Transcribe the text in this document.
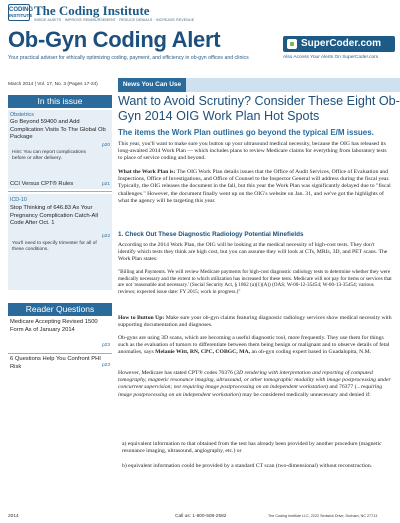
CODING
INSTITUTE The Coding Institute
INSIDE AUDITS · IMPROVE REIMBURSEMENT · REDUCE DENIALS · INCREASE REVENUE
Ob-Gyn Coding Alert
Your practical adviser for ethically optimizing coding, payment, and efficiency in ob-gyn offices and clinics
SuperCoder.com
Also Access Your Alerts On SuperCoder.com
March 2014 | Vol. 17, No. 3 (Pages 17-24)	News You Can Use
In this issue
Obstetrics
Go Beyond 59400 and Add Complication Visits To The Global Ob Package
p20
Hint: You can report complications before or after delivery.
CCI Versus CPT® Rules	p21
ICD-10
Stop Thinking of 646.83 As Your Pregnancy Complication Catch-All Code After Oct. 1
p22
You'll need to specify trimester for all of these conditions.
Reader Questions
Medicare Accepting Revised 1500 Form As of January 2014
p23
6 Questions Help You Confront PHI Risk	p23
Want to Avoid Scrutiny? Consider These Eight Ob-Gyn 2014 OIG Work Plan Hot Spots
The items the Work Plan outlines go beyond the typical E/M issues.
This year, you'll want to make sure you button up your ultrasound medical necessity, because the OIG has released its long-awaited 2014 Work Plan — which includes plans to review Medicare claims for everything from laboratory tests to place of service coding and beyond.
What the Work Plan is: The OIG Work Plan details issues that the Office of Audit Services, Office of Evaluation and Inspections, Office of Investigations, and Office of Counsel to the Inspector General will address during the fiscal year. Typically, the OIG releases the document in the fall, but this year the Work Plan was significantly delayed due to "fiscal challenges." However, the document finally went up on the OIG's website on Jan. 31, and we've got the highlights of what the agency will be targeting this year.
1. Check Out These Diagnostic Radiology Potential Minefields
According to the 2014 Work Plan, the OIG will be looking at the medical necessity of high-cost tests. They don't identify which tests they think are high cost, but you can assume they will look at CTs, MRIs, 3D, and PET scans. The Work Plan states:
"Billing and Payments. We will review Medicare payments for high-cost diagnostic radiology tests to determine whether they were medically necessary and the extent to which utilization has increased for these tests. Medicare will not pay for items or services that are not 'reasonable and necessary.' (Social Security Act, § 1862 (a)(1)(A)) (OAS; W-00-12-35454; W-00-13-35454; various reviews; expected issue date: FY 2015; work in progress.)"
How to Button Up: Make sure your ob-gyn claims featuring diagnostic radiology services show medical necessity with supporting documentation and diagnoses.
Ob-gyns are using 3D scans, which are becoming a useful diagnostic tool, more frequently. They use them for things such as the evaluation of tumors to differentiate between them being benign or malignant and to observe details of fetal anomalies, says Melanie Witt, RN, CPC, COBGC, MA, an ob-gyn coding expert based in Guadalupita, N.M.
However, Medicare has stated CPT® codes 76376 (3D rendering with interpretation and reporting of computed tomography, magnetic resonance imaging, ultrasound, or other tomographic modality with image postprocessing under concurrent supervision; not requiring image postprocessing on an independent workstation) and 76377 (...requiring image postprocessing on an independent workstation) may be considered medically unnecessary and denied if:
a) equivalent information to that obtained from the test has already been provided by another procedure (magnetic resonance imaging, ultrasound, angiography, etc.) or
b) equivalent information could be provided by a standard CT scan (two-dimensional) without reconstruction.
2014	Call us: 1-800-508-2582	The Coding Institute LLC, 2222 Sedwick Drive, Durham, NC 27713
